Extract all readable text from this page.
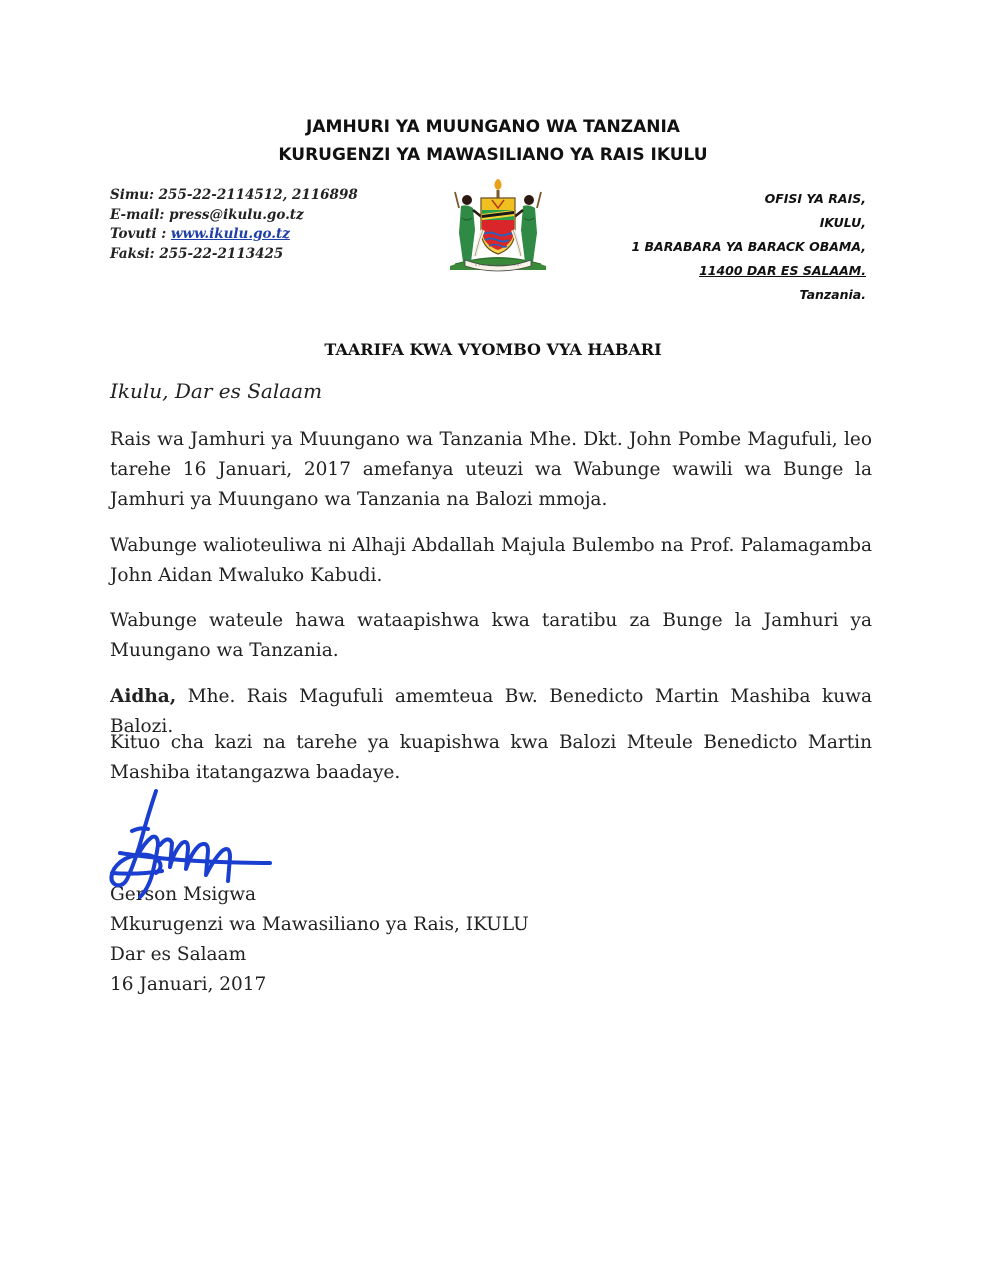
JAMHURI YA MUUNGANO WA TANZANIA
KURUGENZI YA MAWASILIANO YA RAIS IKULU
Simu: 255-22-2114512, 2116898
E-mail: press@ikulu.go.tz
Tovuti : www.ikulu.go.tz
Faksi: 255-22-2113425
OFISI YA RAIS,
IKULU,
1 BARABARA YA BARACK OBAMA,
11400 DAR ES SALAAM.
Tanzania.
TAARIFA KWA VYOMBO VYA HABARI
Ikulu, Dar es Salaam

Rais wa Jamhuri ya Muungano wa Tanzania Mhe. Dkt. John Pombe Magufuli, leo tarehe 16 Januari, 2017 amefanya uteuzi wa Wabunge wawili wa Bunge la Jamhuri ya Muungano wa Tanzania na Balozi mmoja.

Wabunge walioteuliwa ni Alhaji Abdallah Majula Bulembo na Prof. Palamagamba John Aidan Mwaluko Kabudi.

Wabunge wateule hawa wataapishwa kwa taratibu za Bunge la Jamhuri ya Muungano wa Tanzania.

Aidha, Mhe. Rais Magufuli amemteua Bw. Benedicto Martin Mashiba kuwa Balozi.

Kituo cha kazi na tarehe ya kuapishwa kwa Balozi Mteule Benedicto Martin Mashiba itatangazwa baadaye.

Gerson Msigwa
Mkurugenzi wa Mawasiliano ya Rais, IKULU
Dar es Salaam
16 Januari, 2017
